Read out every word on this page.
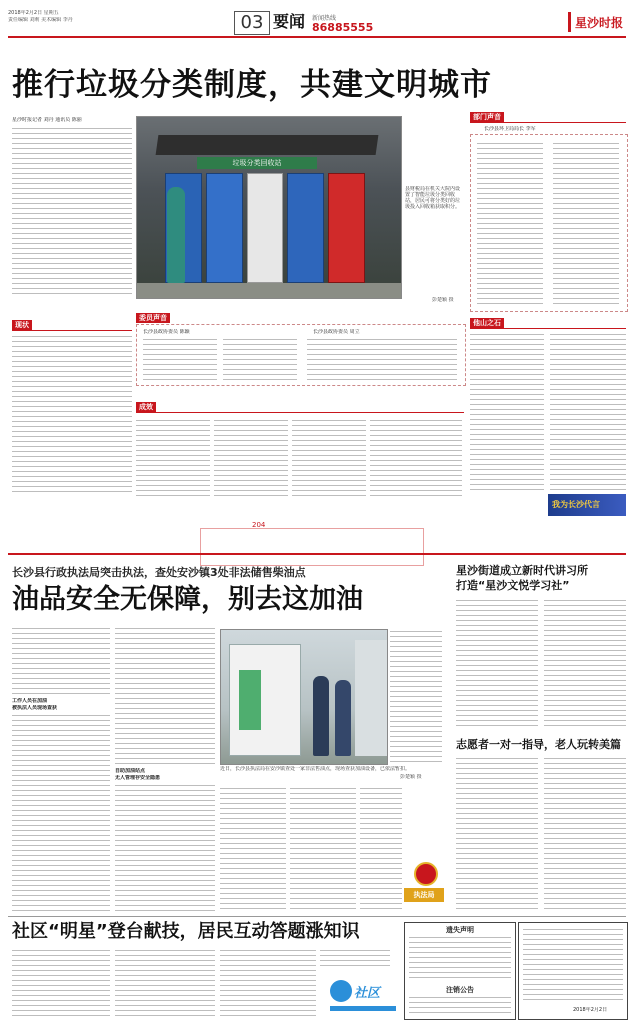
2018年2月2日 星期五
责任编辑 刘莉 美术编辑 李丹	03 要闻 新闻热线
86885555	星沙时报
推行垃圾分类制度，共建文明城市
星沙时报记者 刘丹 通讯员 陈丽
垃圾分类回收站
县财税局在机关大院内设置了智能垃圾分类回收站，居民可将分类好的垃圾投入回收箱获取积分。
彭楚颖 摄
部门声音
长沙县环卫局局长 李军
现状
委员声音
长沙县政协委员 陈颖	长沙县政协委员 周立
成效
他山之石
我为长沙代言
204
长沙县行政执法局突击执法，查处安沙镇3处非法储售柴油点
油品安全无保障，别去这加油
工作人员在加油
被执法人员现场查获
自助加油站点
无人管理存安全隐患
近日，长沙县执法局在安沙镇查处一家非法售油点，现场查获加油设备，已依法暂扣。
彭楚颖 摄
执法局
星沙街道成立新时代讲习所
打造“星沙文悦学习社”
志愿者一对一指导，老人玩转美篇
社区“明星”登台献技，居民互动答题涨知识
社区
遗失声明
注销公告
2018年2月2日
